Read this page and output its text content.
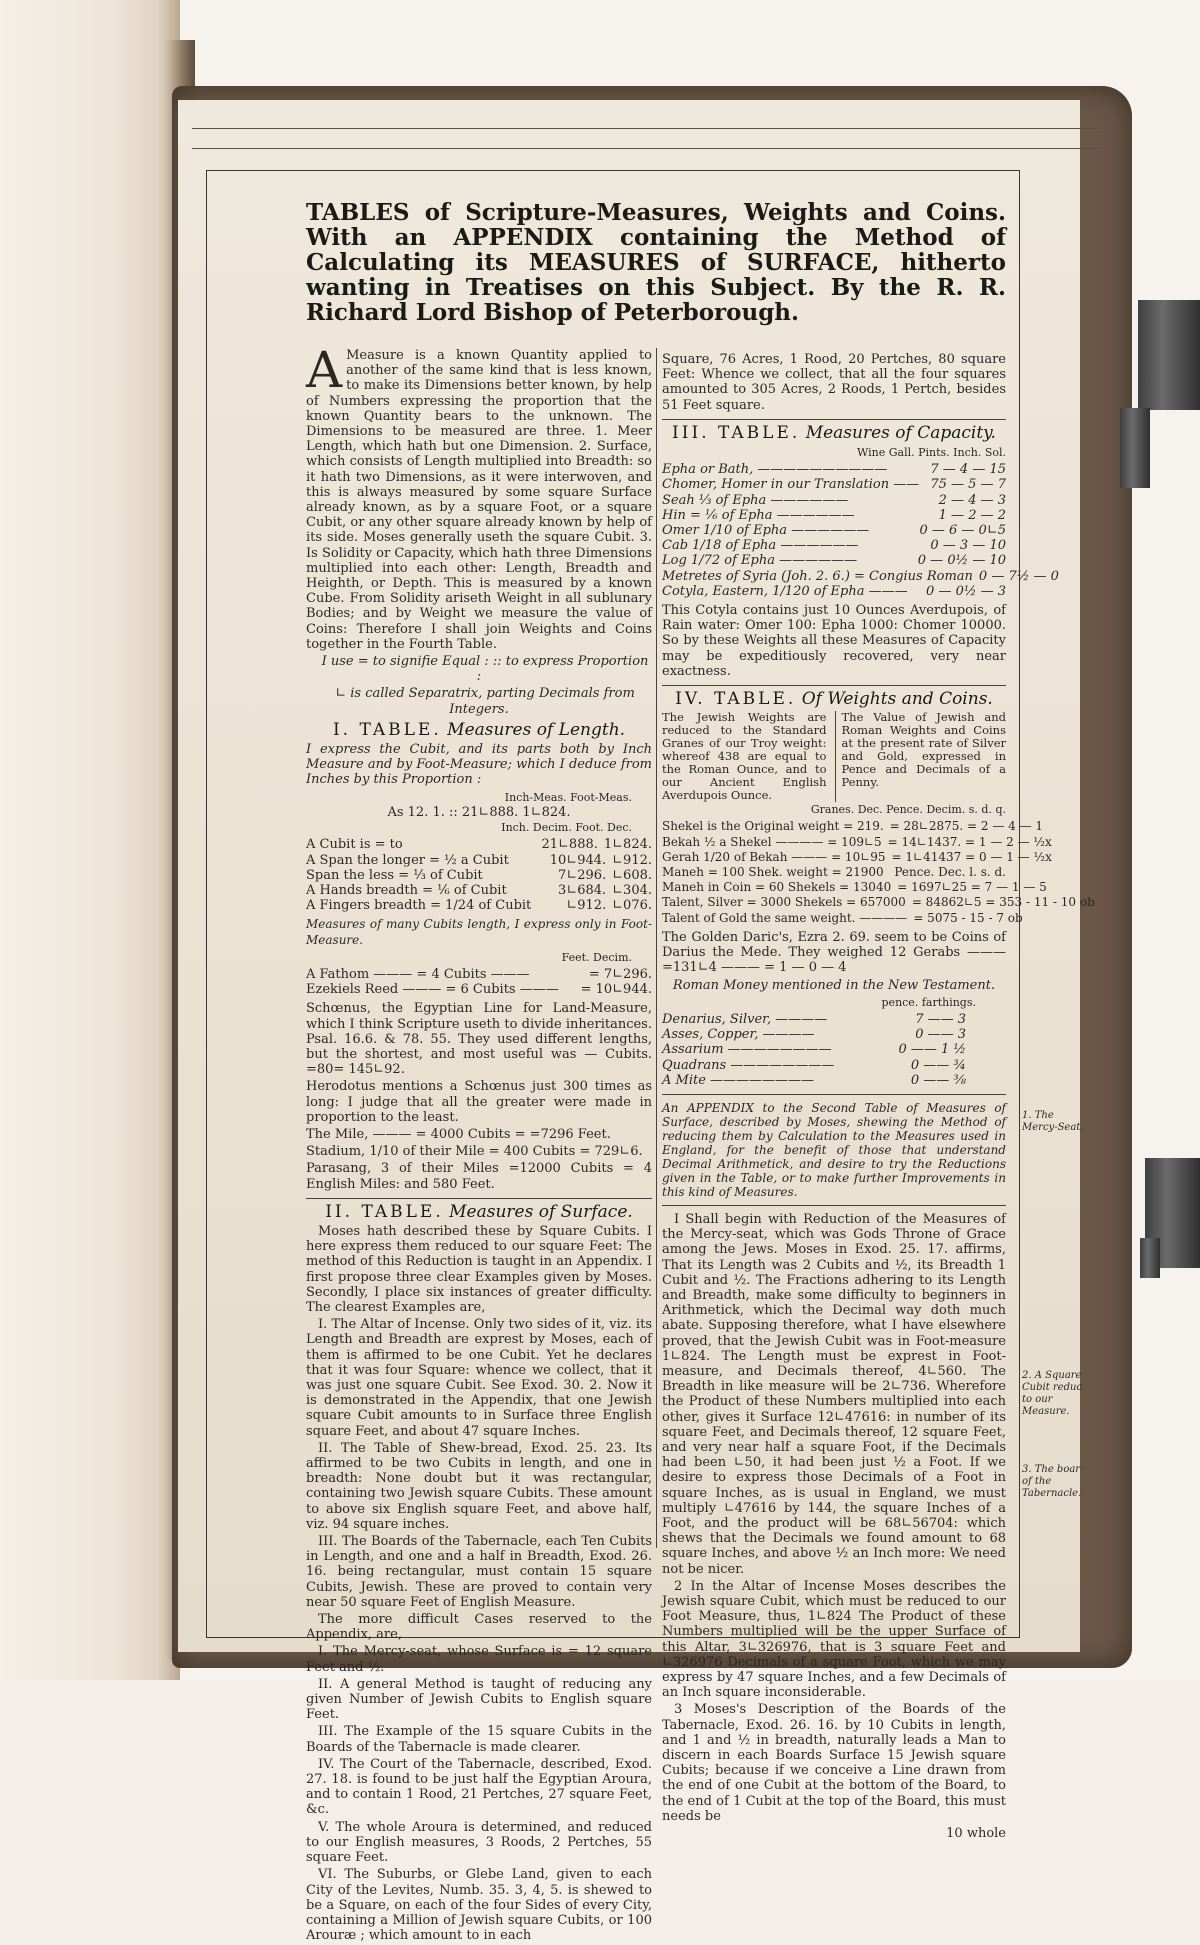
TABLES of Scripture-Measures, Weights and Coins. With an APPENDIX containing the Method of Calculating its MEASURES of SURFACE, hitherto wanting in Treatises on this Subject. By the R. R. Richard Lord Bishop of Peterborough.

A Measure is a known Quantity applied to another of the same kind that is less known, to make its Dimensions better known, by help of Numbers expressing the proportion that the known Quantity bears to the unknown. The Dimensions to be measured are three. 1. Meer Length, which hath but one Dimension. 2. Surface, which consists of Length multiplied into Breadth: so it hath two Dimensions, as it were interwoven, and this is always measured by some square Surface already known, as by a square Foot, or a square Cubit, or any other square already known by help of its side. Moses generally useth the square Cubit. 3. Is Solidity or Capacity, which hath three Dimensions multiplied into each other: Length, Breadth and Heighth, or Depth. This is measured by a known Cube. From Solidity ariseth Weight in all sublunary Bodies; and by Weight we measure the value of Coins: Therefore I shall join Weights and Coins together in the Fourth Table.

I use = to signifie Equal : :: to express Proportion :

∟ is called Separatrix, parting Decimals from Integers.

I. TABLE. Measures of Length.

I express the Cubit, and its parts both by Inch Measure and by Foot-Measure; which I deduce from Inches by this Proportion :

Inch-Meas. Foot-Meas.
As 12. 1. :: 21∟888. 1∟824.
Inch. Decim. Foot. Dec.
A Cubit is = to	21∟888. 1∟824.
A Span the longer = ½ a Cubit	10∟944. ∟912.
Span the less = ⅓ of Cubit	7∟296. ∟608.
A Hands breadth = ⅙ of Cubit	3∟684. ∟304.
A Fingers breadth = 1/24 of Cubit	∟912. ∟076.

Measures of many Cubits length, I express only in Foot-Measure.

Feet. Decim.
A Fathom ——— = 4 Cubits ———	= 7∟296.
Ezekiels Reed ——— = 6 Cubits ———	= 10∟944.

Schœnus, the Egyptian Line for Land-Measure, which I think Scripture useth to divide inheritances. Psal. 16.6. & 78. 55. They used different lengths, but the shortest, and most useful was — Cubits. =80= 145∟92.

Herodotus mentions a Schœnus just 300 times as long: I judge that all the greater were made in proportion to the least.

The Mile, ——— = 4000 Cubits = =7296 Feet.

Stadium, 1/10 of their Mile = 400 Cubits = 729∟6.

Parasang, 3 of their Miles =12000 Cubits = 4 English Miles: and 580 Feet.

II. TABLE. Measures of Surface.

Moses hath described these by Square Cubits. I here express them reduced to our square Feet: The method of this Reduction is taught in an Appendix. I first propose three clear Examples given by Moses. Secondly, I place six instances of greater difficulty. The clearest Examples are,

I. The Altar of Incense. Only two sides of it, viz. its Length and Breadth are exprest by Moses, each of them is affirmed to be one Cubit. Yet he declares that it was four Square: whence we collect, that it was just one square Cubit. See Exod. 30. 2. Now it is demonstrated in the Appendix, that one Jewish square Cubit amounts to in Surface three English square Feet, and about 47 square Inches.

II. The Table of Shew-bread, Exod. 25. 23. Its affirmed to be two Cubits in length, and one in breadth: None doubt but it was rectangular, containing two Jewish square Cubits. These amount to above six English square Feet, and above half, viz. 94 square inches.

III. The Boards of the Tabernacle, each Ten Cubits in Length, and one and a half in Breadth, Exod. 26. 16. being rectangular, must contain 15 square Cubits, Jewish. These are proved to contain very near 50 square Feet of English Measure.

The more difficult Cases reserved to the Appendix, are,

I. The Mercy-seat, whose Surface is = 12 square Feet and ½.

II. A general Method is taught of reducing any given Number of Jewish Cubits to English square Feet.

III. The Example of the 15 square Cubits in the Boards of the Tabernacle is made clearer.

IV. The Court of the Tabernacle, described, Exod. 27. 18. is found to be just half the Egyptian Aroura, and to contain 1 Rood, 21 Pertches, 27 square Feet, &c.

V. The whole Aroura is determined, and reduced to our English measures, 3 Roods, 2 Pertches, 55 square Feet.

VI. The Suburbs, or Glebe Land, given to each City of the Levites, Numb. 35. 3, 4, 5. is shewed to be a Square, on each of the four Sides of every City, containing a Million of Jewish square Cubits, or 100 Arouræ ; which amount to in each

Square, 76 Acres, 1 Rood, 20 Pertches, 80 square Feet: Whence we collect, that all the four squares amounted to 305 Acres, 2 Roods, 1 Pertch, besides 51 Feet square.

III. TABLE. Measures of Capacity.
Wine Gall. Pints. Inch. Sol.
Epha or Bath, ——————————	7 — 4 — 15
Chomer, Homer in our Translation —— 75 — 5 — 7
Seah ⅓ of Epha ——————	2 — 4 — 3
Hin = ⅙ of Epha ——————	1 — 2 — 2
Omer 1/10 of Epha ——————	0 — 6 — 0∟5
Cab 1/18 of Epha ——————	0 — 3 — 10
Log 1/72 of Epha ——————	0 — 0½ — 10
Metretes of Syria (Joh. 2. 6.) = Congius Roman 0 — 7½ — 0
Cotyla, Eastern, 1/120 of Epha ———	0 — 0½ — 3

This Cotyla contains just 10 Ounces Averdupois, of Rain water: Omer 100: Epha 1000: Chomer 10000. So by these Weights all these Measures of Capacity may be expeditiously recovered, very near exactness.

IV. TABLE. Of Weights and Coins.
The Jewish Weights are reduced to the Standard Granes of our Troy weight: whereof 438 are equal to the Roman Ounce, and to our Ancient English Averdupois Ounce.
The Value of Jewish and Roman Weights and Coins at the present rate of Silver and Gold, expressed in Pence and Decimals of a Penny.
Granes. Dec. Pence. Decim. s. d. q.
Shekel is the Original weight = 219. = 28∟2875. = 2 — 4 — 1
Bekah ½ a Shekel ———— = 109∟5 = 14∟1437. = 1 — 2 — ½x
Gerah 1/20 of Bekah ——— = 10∟95 = 1∟41437 = 0 — 1 — ½x
Maneh = 100 Shek. weight = 21900 Pence. Dec. l. s. d.
Maneh in Coin = 60 Shekels = 13040 = 1697∟25 = 7 — 1 — 5
Talent, Silver = 3000 Shekels = 657000 = 84862∟5 = 353 - 11 - 10 ob
Talent of Gold the same weight. ———— = 5075 - 15 - 7 ob

The Golden Daric's, Ezra 2. 69. seem to be Coins of Darius the Mede. They weighed 12 Gerabs ——— =131∟4 ——— = 1 — 0 — 4

Roman Money mentioned in the New Testament.

pence. farthings.
Denarius, Silver, ————	7 —— 3
Asses, Copper, ————	0 —— 3
Assarium ————————	0 —— 1 ½
Quadrans ————————	0 —— ¾
A Mite ————————	0 —— ⅜

An APPENDIX to the Second Table of Measures of Surface, described by Moses, shewing the Method of reducing them by Calculation to the Measures used in England, for the benefit of those that understand Decimal Arithmetick, and desire to try the Reductions given in the Table, or to make further Improvements in this kind of Measures.

I Shall begin with Reduction of the Measures of the Mercy-seat, which was Gods Throne of Grace among the Jews. Moses in Exod. 25. 17. affirms, That its Length was 2 Cubits and ½, its Breadth 1 Cubit and ½. The Fractions adhering to its Length and Breadth, make some difficulty to beginners in Arithmetick, which the Decimal way doth much abate. Supposing therefore, what I have elsewhere proved, that the Jewish Cubit was in Foot-measure 1∟824. The Length must be exprest in Foot-measure, and Decimals thereof, 4∟560. The Breadth in like measure will be 2∟736. Wherefore the Product of these Numbers multiplied into each other, gives it Surface 12∟47616: in number of its square Feet, and Decimals thereof, 12 square Feet, and very near half a square Foot, if the Decimals had been ∟50, it had been just ½ a Foot. If we desire to express those Decimals of a Foot in square Inches, as is usual in England, we must multiply ∟47616 by 144, the square Inches of a Foot, and the product will be 68∟56704: which shews that the Decimals we found amount to 68 square Inches, and above ½ an Inch more: We need not be nicer.

2 In the Altar of Incense Moses describes the Jewish square Cubit, which must be reduced to our Foot Measure, thus, 1∟824 The Product of these Numbers multiplied will be the upper Surface of this Altar, 3∟326976, that is 3 square Feet and ∟326976 Decimals of a square Foot, which we may express by 47 square Inches, and a few Decimals of an Inch square inconsiderable.

3 Moses's Description of the Boards of the Tabernacle, Exod. 26. 16. by 10 Cubits in length, and 1 and ½ in breadth, naturally leads a Man to discern in each Boards Surface 15 Jewish square Cubits; because if we conceive a Line drawn from the end of one Cubit at the bottom of the Board, to the end of 1 Cubit at the top of the Board, this must needs be

10 whole
1. The Mercy-Seat.
2. A Square Cubit reduc to our Measure.
3. The boar of the Tabernacle.
